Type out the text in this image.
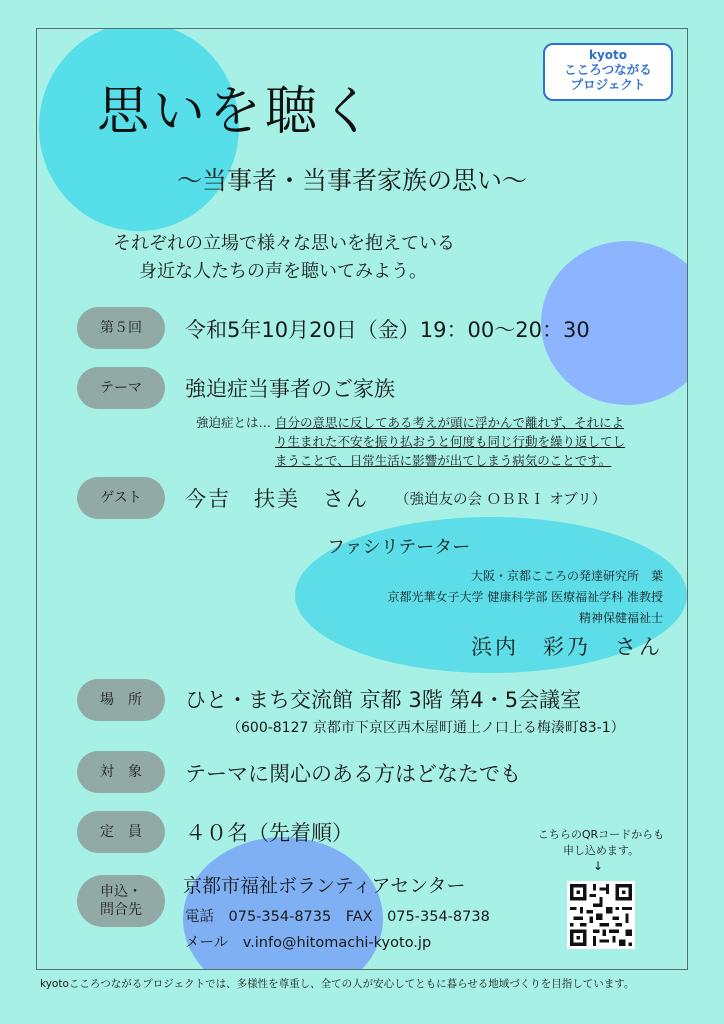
kyoto
こころつながる
プロジェクト
思いを聴く
～当事者・当事者家族の思い～
それぞれの立場で様々な思いを抱えている
身近な人たちの声を聴いてみよう。
第５回	令和5年10月20日（金）19：00～20：30
テーマ	強迫症当事者のご家族
強迫症とは… 自分の意思に反してある考えが頭に浮かんで離れず、それによ
り生まれた不安を振り払おうと何度も同じ行動を繰り返してし
まうことで、日常生活に影響が出てしまう病気のことです。
ゲスト	今吉　扶美　さん （強迫友の会 ＯＢＲＩ オブリ）
ファシリテーター
大阪・京都こころの発達研究所　葉
京都光華女子大学 健康科学部 医療福祉学科 准教授
精神保健福祉士
浜内　彩乃　さん
場　所	ひと・まち交流館 京都 3階 第4・5会議室
（600-8127 京都市下京区西木屋町通上ノ口上る梅湊町83-1）
対　象	テーマに関心のある方はどなたでも
定　員	４０名（先着順）
申込・
問合先
京都市福祉ボランティアセンター
電話　075-354-8735　FAX　075-354-8738
メール　v.info@hitomachi-kyoto.jp
こちらのQRコードからも
申し込めます。
↓
kyotoこころつながるプロジェクトでは、多様性を尊重し、全ての人が安心してともに暮らせる地域づくりを目指しています。
